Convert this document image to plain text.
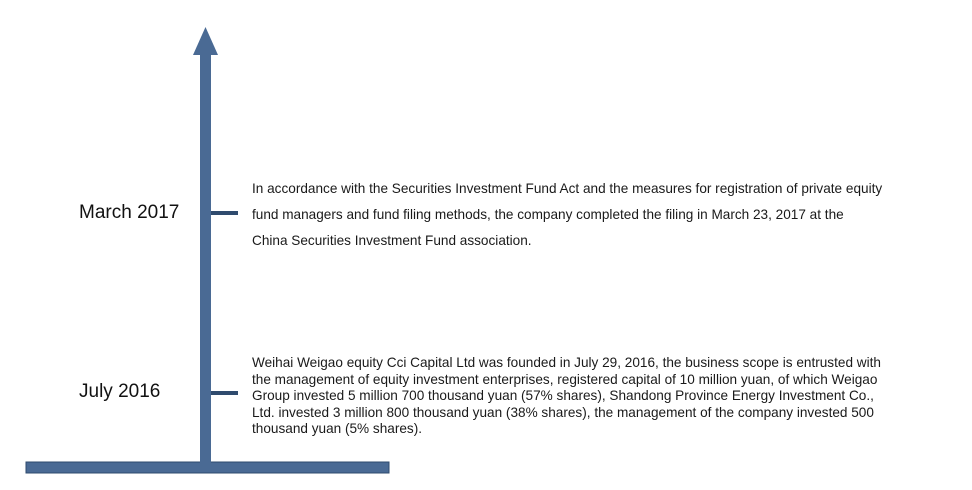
March 2017
In accordance with the Securities Investment Fund Act and the measures for registration of private equity
fund managers and fund filing methods, the company completed the filing in March 23, 2017 at the
China Securities Investment Fund association.
July 2016
Weihai Weigao equity Cci Capital Ltd was founded in July 29, 2016, the business scope is entrusted with
the management of equity investment enterprises, registered capital of 10 million yuan, of which Weigao
Group invested 5 million 700 thousand yuan (57% shares), Shandong Province Energy Investment Co.,
Ltd. invested 3 million 800 thousand yuan (38% shares), the management of the company invested 500
thousand yuan (5% shares).
